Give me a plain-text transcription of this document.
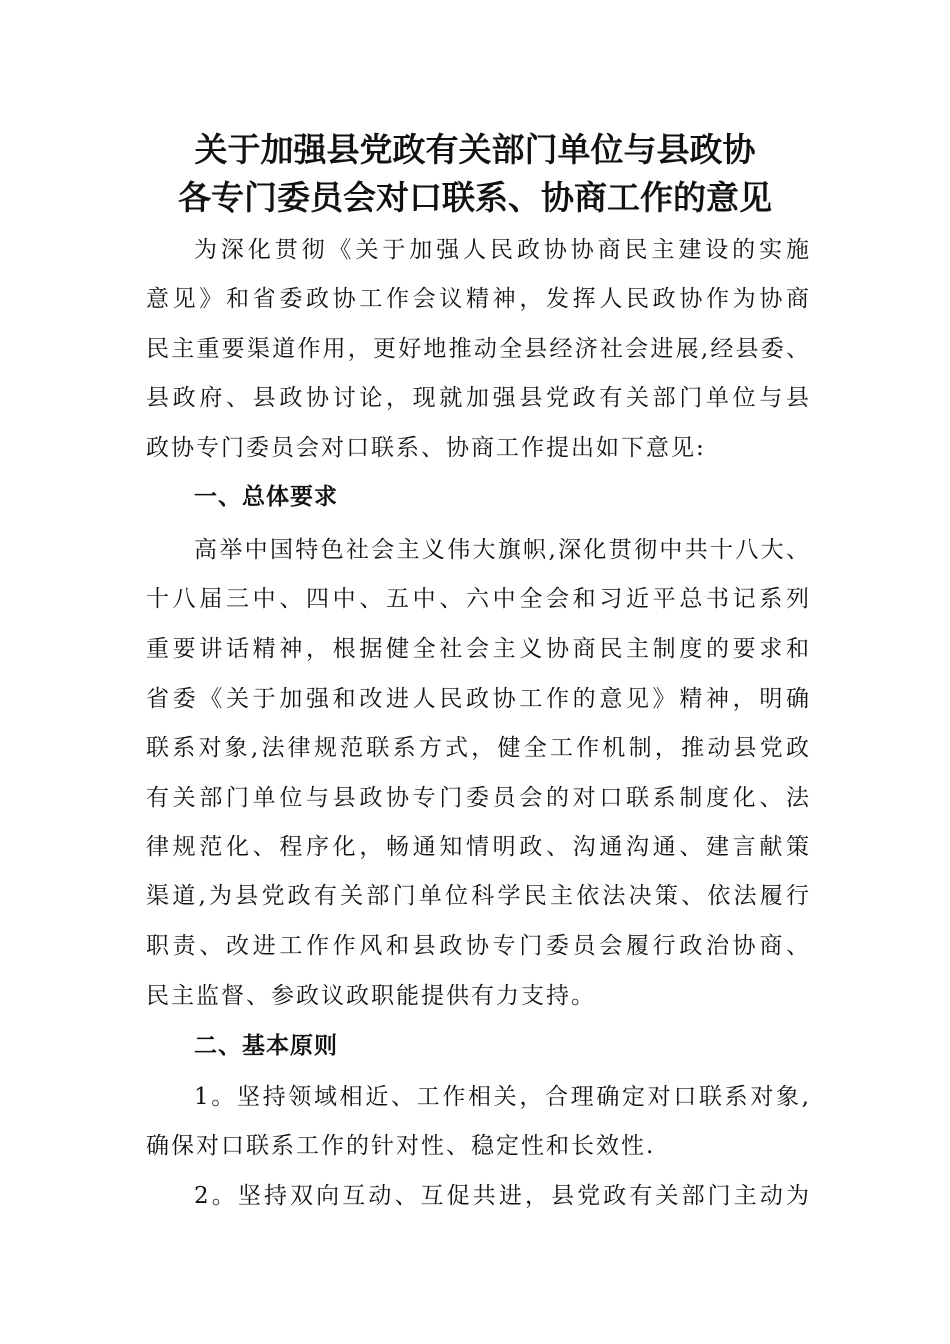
关于加强县党政有关部门单位与县政协
各专门委员会对口联系、协商工作的意见
为深化贯彻《关于加强人民政协协商民主建设的实施
意见》和省委政协工作会议精神，发挥人民政协作为协商
民主重要渠道作用，更好地推动全县经济社会进展,经县委、
县政府、县政协讨论，现就加强县党政有关部门单位与县
政协专门委员会对口联系、协商工作提出如下意见:
一、总体要求
高举中国特色社会主义伟大旗帜,深化贯彻中共十八大、
十八届三中、四中、五中、六中全会和习近平总书记系列
重要讲话精神，根据健全社会主义协商民主制度的要求和
省委《关于加强和改进人民政协工作的意见》精神，明确
联系对象,法律规范联系方式，健全工作机制，推动县党政
有关部门单位与县政协专门委员会的对口联系制度化、法
律规范化、程序化，畅通知情明政、沟通沟通、建言献策
渠道,为县党政有关部门单位科学民主依法决策、依法履行
职责、改进工作作风和县政协专门委员会履行政治协商、
民主监督、参政议政职能提供有力支持。
二、基本原则
1。坚持领域相近、工作相关，合理确定对口联系对象,
确保对口联系工作的针对性、稳定性和长效性.
2。坚持双向互动、互促共进，县党政有关部门主动为
